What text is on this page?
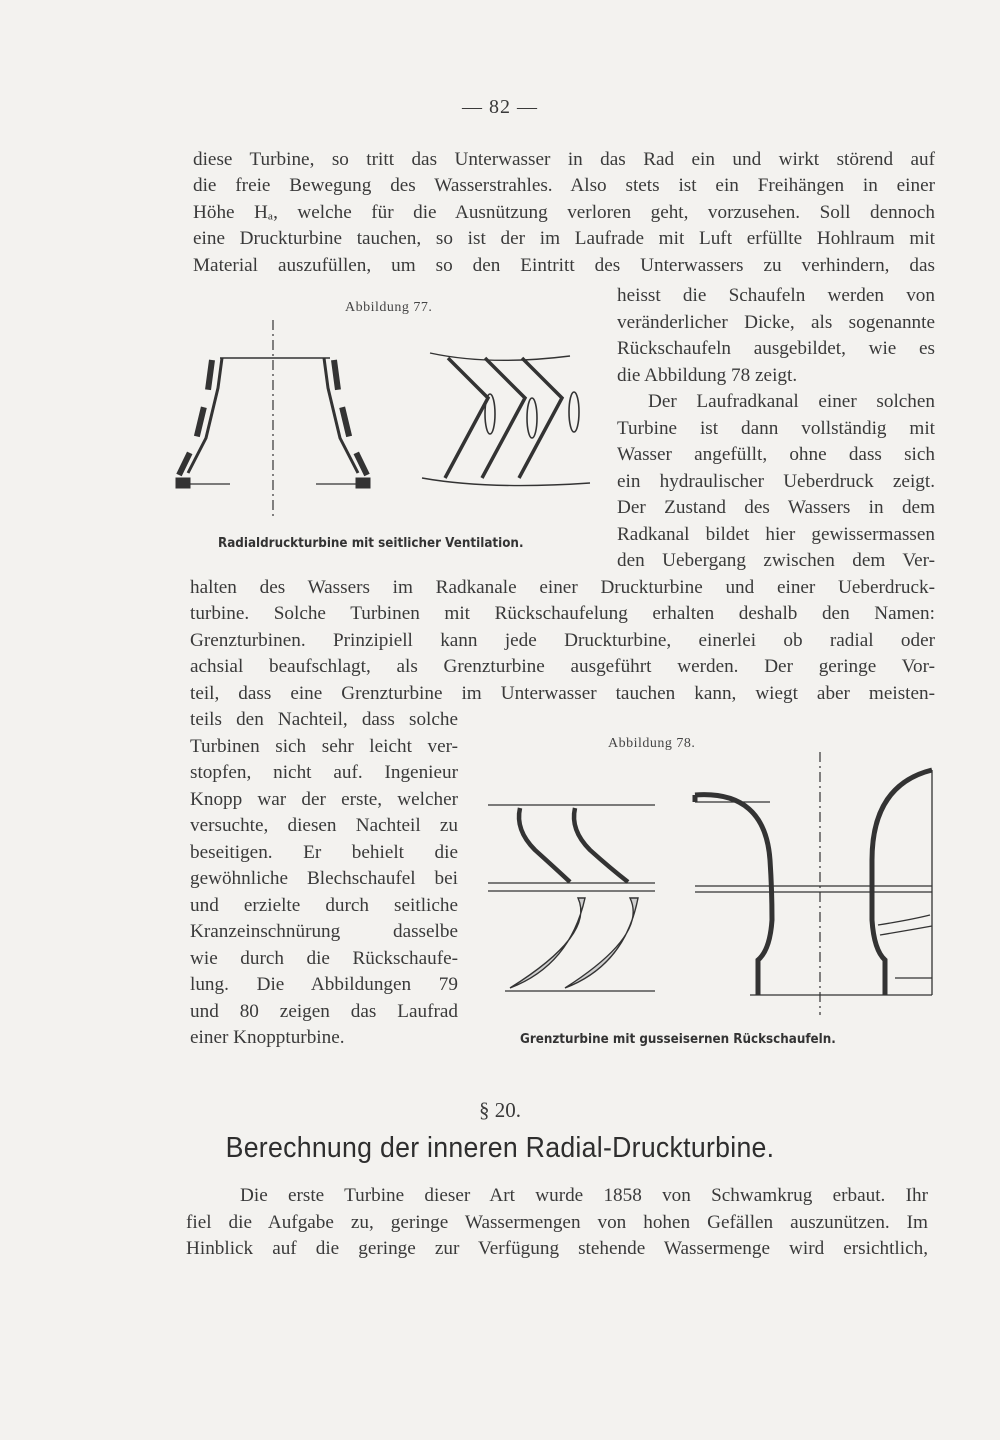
— 82 —
diese Turbine, so tritt das Unterwasser in das Rad ein und wirkt störend auf
die freie Bewegung des Wasserstrahles. Also stets ist ein Freihängen in einer
Höhe Hₐ, welche für die Ausnützung verloren geht, vorzusehen. Soll dennoch
eine Druckturbine tauchen, so ist der im Laufrade mit Luft erfüllte Hohlraum mit
Material auszufüllen, um so den Eintritt des Unterwassers zu verhindern, das
Abbildung 77.
Radialdruckturbine mit seitlicher Ventilation.
heisst die Schaufeln werden von
veränderlicher Dicke, als sogenannte
Rückschaufeln ausgebildet, wie es
die Abbildung 78 zeigt.
Der Laufradkanal einer solchen
Turbine ist dann vollständig mit
Wasser angefüllt, ohne dass sich
ein hydraulischer Ueberdruck zeigt.
Der Zustand des Wassers in dem
Radkanal bildet hier gewissermassen
den Uebergang zwischen dem Ver-
halten des Wassers im Radkanale einer Druckturbine und einer Ueberdruck-
turbine. Solche Turbinen mit Rückschaufelung erhalten deshalb den Namen:
Grenzturbinen. Prinzipiell kann jede Druckturbine, einerlei ob radial oder
achsial beaufschlagt, als Grenzturbine ausgeführt werden. Der geringe Vor-
teil, dass eine Grenzturbine im Unterwasser tauchen kann, wiegt aber meisten-
teils den Nachteil, dass solche
Turbinen sich sehr leicht ver-
stopfen, nicht auf. Ingenieur
Knopp war der erste, welcher
versuchte, diesen Nachteil zu
beseitigen. Er behielt die
gewöhnliche Blechschaufel bei
und erzielte durch seitliche
Kranzeinschnürung dasselbe
wie durch die Rückschaufe-
lung. Die Abbildungen 79
und 80 zeigen das Laufrad
einer Knoppturbine.
Abbildung 78.
Grenzturbine mit gusseisernen Rückschaufeln.
§ 20.
Berechnung der inneren Radial-Druckturbine.
Die erste Turbine dieser Art wurde 1858 von Schwamkrug erbaut. Ihr
fiel die Aufgabe zu, geringe Wassermengen von hohen Gefällen auszunützen. Im
Hinblick auf die geringe zur Verfügung stehende Wassermenge wird ersichtlich,
